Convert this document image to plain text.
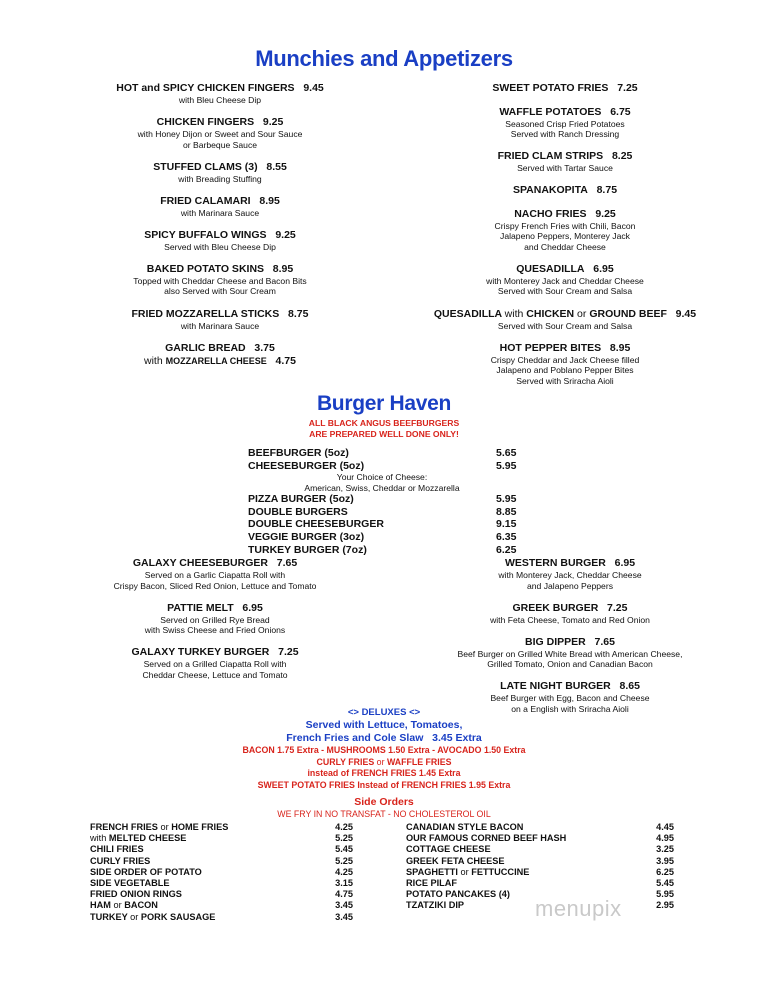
Munchies and Appetizers
HOT and SPICY CHICKEN FINGERS 9.45
with Bleu Cheese Dip
CHICKEN FINGERS 9.25
with Honey Dijon or Sweet and Sour Sauce
or Barbeque Sauce
STUFFED CLAMS (3) 8.55
with Breading Stuffing
FRIED CALAMARI 8.95
with Marinara Sauce
SPICY BUFFALO WINGS 9.25
Served with Bleu Cheese Dip
BAKED POTATO SKINS 8.95
Topped with Cheddar Cheese and Bacon Bits
also Served with Sour Cream
FRIED MOZZARELLA STICKS 8.75
with Marinara Sauce
GARLIC BREAD 3.75
with MOZZARELLA CHEESE 4.75
SWEET POTATO FRIES 7.25
WAFFLE POTATOES 6.75
Seasoned Crisp Fried Potatoes
Served with Ranch Dressing
FRIED CLAM STRIPS 8.25
Served with Tartar Sauce
SPANAKOPITA 8.75
NACHO FRIES 9.25
Crispy French Fries with Chili, Bacon
Jalapeno Peppers, Monterey Jack
and Cheddar Cheese
QUESADILLA 6.95
with Monterey Jack and Cheddar Cheese
Served with Sour Cream and Salsa
QUESADILLA with CHICKEN or GROUND BEEF 9.45
Served with Sour Cream and Salsa
HOT PEPPER BITES 8.95
Crispy Cheddar and Jack Cheese filled
Jalapeno and Poblano Pepper Bites
Served with Sriracha Aioli
Burger Haven
ALL BLACK ANGUS BEEFBURGERS
ARE PREPARED WELL DONE ONLY!
BEEFBURGER (5oz)	5.65
CHEESEBURGER (5oz)	5.95
Your Choice of Cheese:
American, Swiss, Cheddar or Mozzarella
PIZZA BURGER (5oz)	5.95
DOUBLE BURGERS	8.85
DOUBLE CHEESEBURGER	9.15
VEGGIE BURGER (3oz)	6.35
TURKEY BURGER (7oz)	6.25
GALAXY CHEESEBURGER 7.65
Served on a Garlic Ciapatta Roll with
Crispy Bacon, Sliced Red Onion, Lettuce and Tomato
PATTIE MELT 6.95
Served on Grilled Rye Bread
with Swiss Cheese and Fried Onions
GALAXY TURKEY BURGER 7.25
Served on a Grilled Ciapatta Roll with
Cheddar Cheese, Lettuce and Tomato
WESTERN BURGER 6.95
with Monterey Jack, Cheddar Cheese
and Jalapeno Peppers
GREEK BURGER 7.25
with Feta Cheese, Tomato and Red Onion
BIG DIPPER 7.65
Beef Burger on Grilled White Bread with American Cheese,
Grilled Tomato, Onion and Canadian Bacon
LATE NIGHT BURGER 8.65
Beef Burger with Egg, Bacon and Cheese
on a English with Sriracha Aioli
<> DELUXES <>
Served with Lettuce, Tomatoes,
French Fries and Cole Slaw 3.45 Extra
BACON 1.75 Extra - MUSHROOMS 1.50 Extra - AVOCADO 1.50 Extra
CURLY FRIES or WAFFLE FRIES
instead of FRENCH FRIES 1.45 Extra
SWEET POTATO FRIES Instead of FRENCH FRIES 1.95 Extra
Side Orders
WE FRY IN NO TRANSFAT - NO CHOLESTEROL OIL
FRENCH FRIES or HOME FRIES	4.25
with MELTED CHEESE	5.25
CHILI FRIES	5.45
CURLY FRIES	5.25
SIDE ORDER OF POTATO	4.25
SIDE VEGETABLE	3.15
FRIED ONION RINGS	4.75
HAM or BACON	3.45
TURKEY or PORK SAUSAGE	3.45
CANADIAN STYLE BACON	4.45
OUR FAMOUS CORNED BEEF HASH	4.95
COTTAGE CHEESE	3.25
GREEK FETA CHEESE	3.95
SPAGHETTI or FETTUCCINE	6.25
RICE PILAF	5.45
POTATO PANCAKES (4)	5.95
TZATZIKI DIP	2.95
menupix
